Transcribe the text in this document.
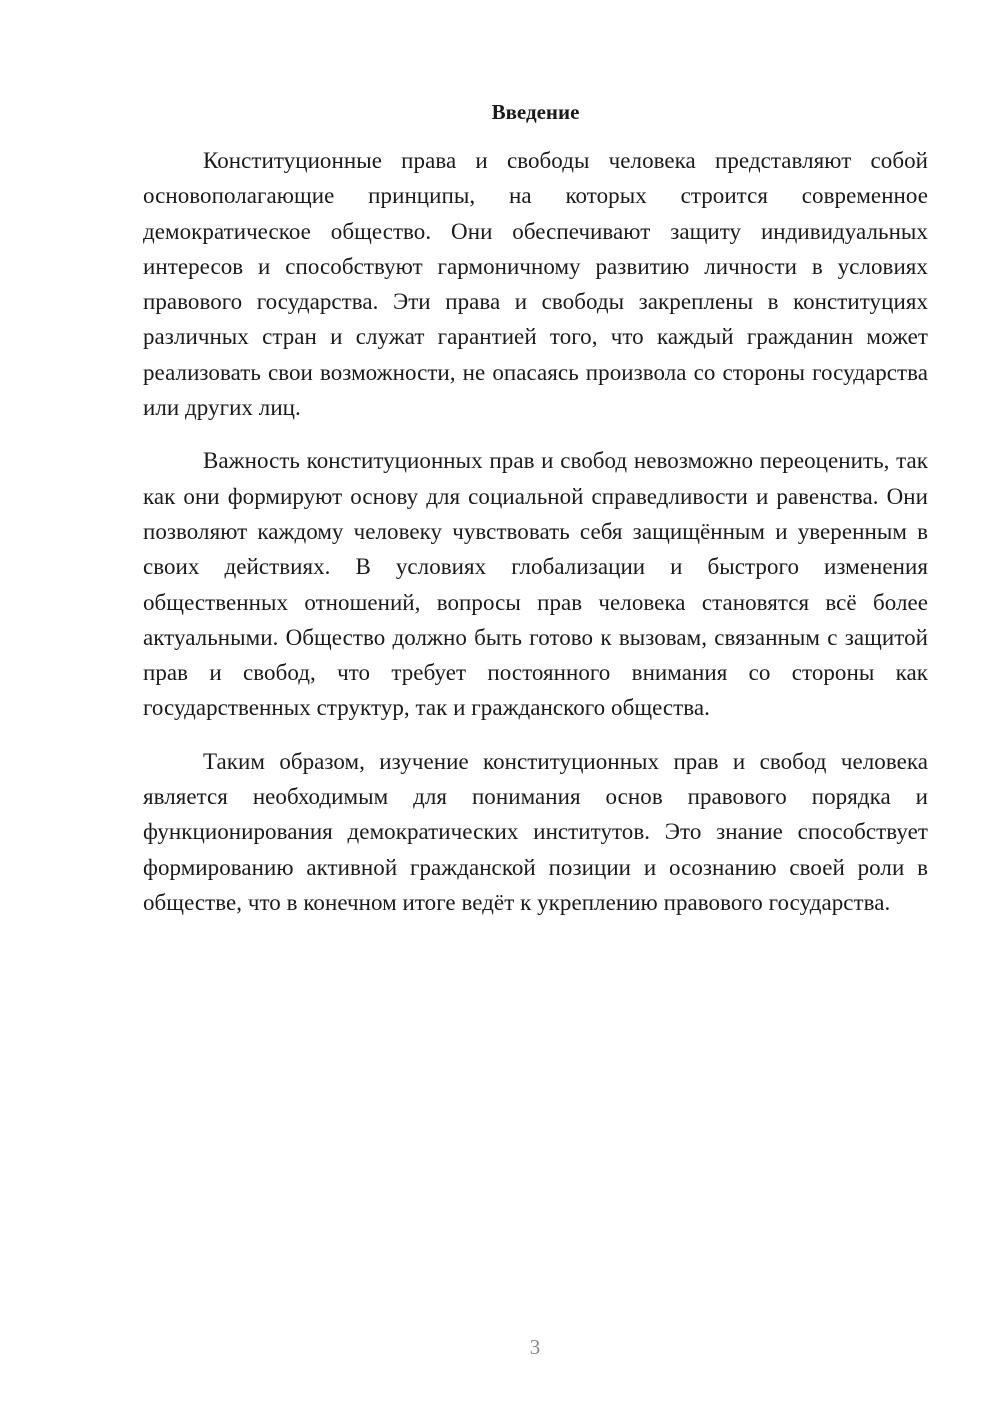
Введение

Конституционные права и свободы человека представляют собой основополагающие принципы, на которых строится современное демократическое общество. Они обеспечивают защиту индивидуальных интересов и способствуют гармоничному развитию личности в условиях правового государства. Эти права и свободы закреплены в конституциях различных стран и служат гарантией того, что каждый гражданин может реализовать свои возможности, не опасаясь произвола со стороны государства или других лиц.

Важность конституционных прав и свобод невозможно переоценить, так как они формируют основу для социальной справедливости и равенства. Они позволяют каждому человеку чувствовать себя защищённым и уверенным в своих действиях. В условиях глобализации и быстрого изменения общественных отношений, вопросы прав человека становятся всё более актуальными. Общество должно быть готово к вызовам, связанным с защитой прав и свобод, что требует постоянного внимания со стороны как государственных структур, так и гражданского общества.

Таким образом, изучение конституционных прав и свобод человека является необходимым для понимания основ правового порядка и функционирования демократических институтов. Это знание способствует формированию активной гражданской позиции и осознанию своей роли в обществе, что в конечном итоге ведёт к укреплению правового государства.

3
